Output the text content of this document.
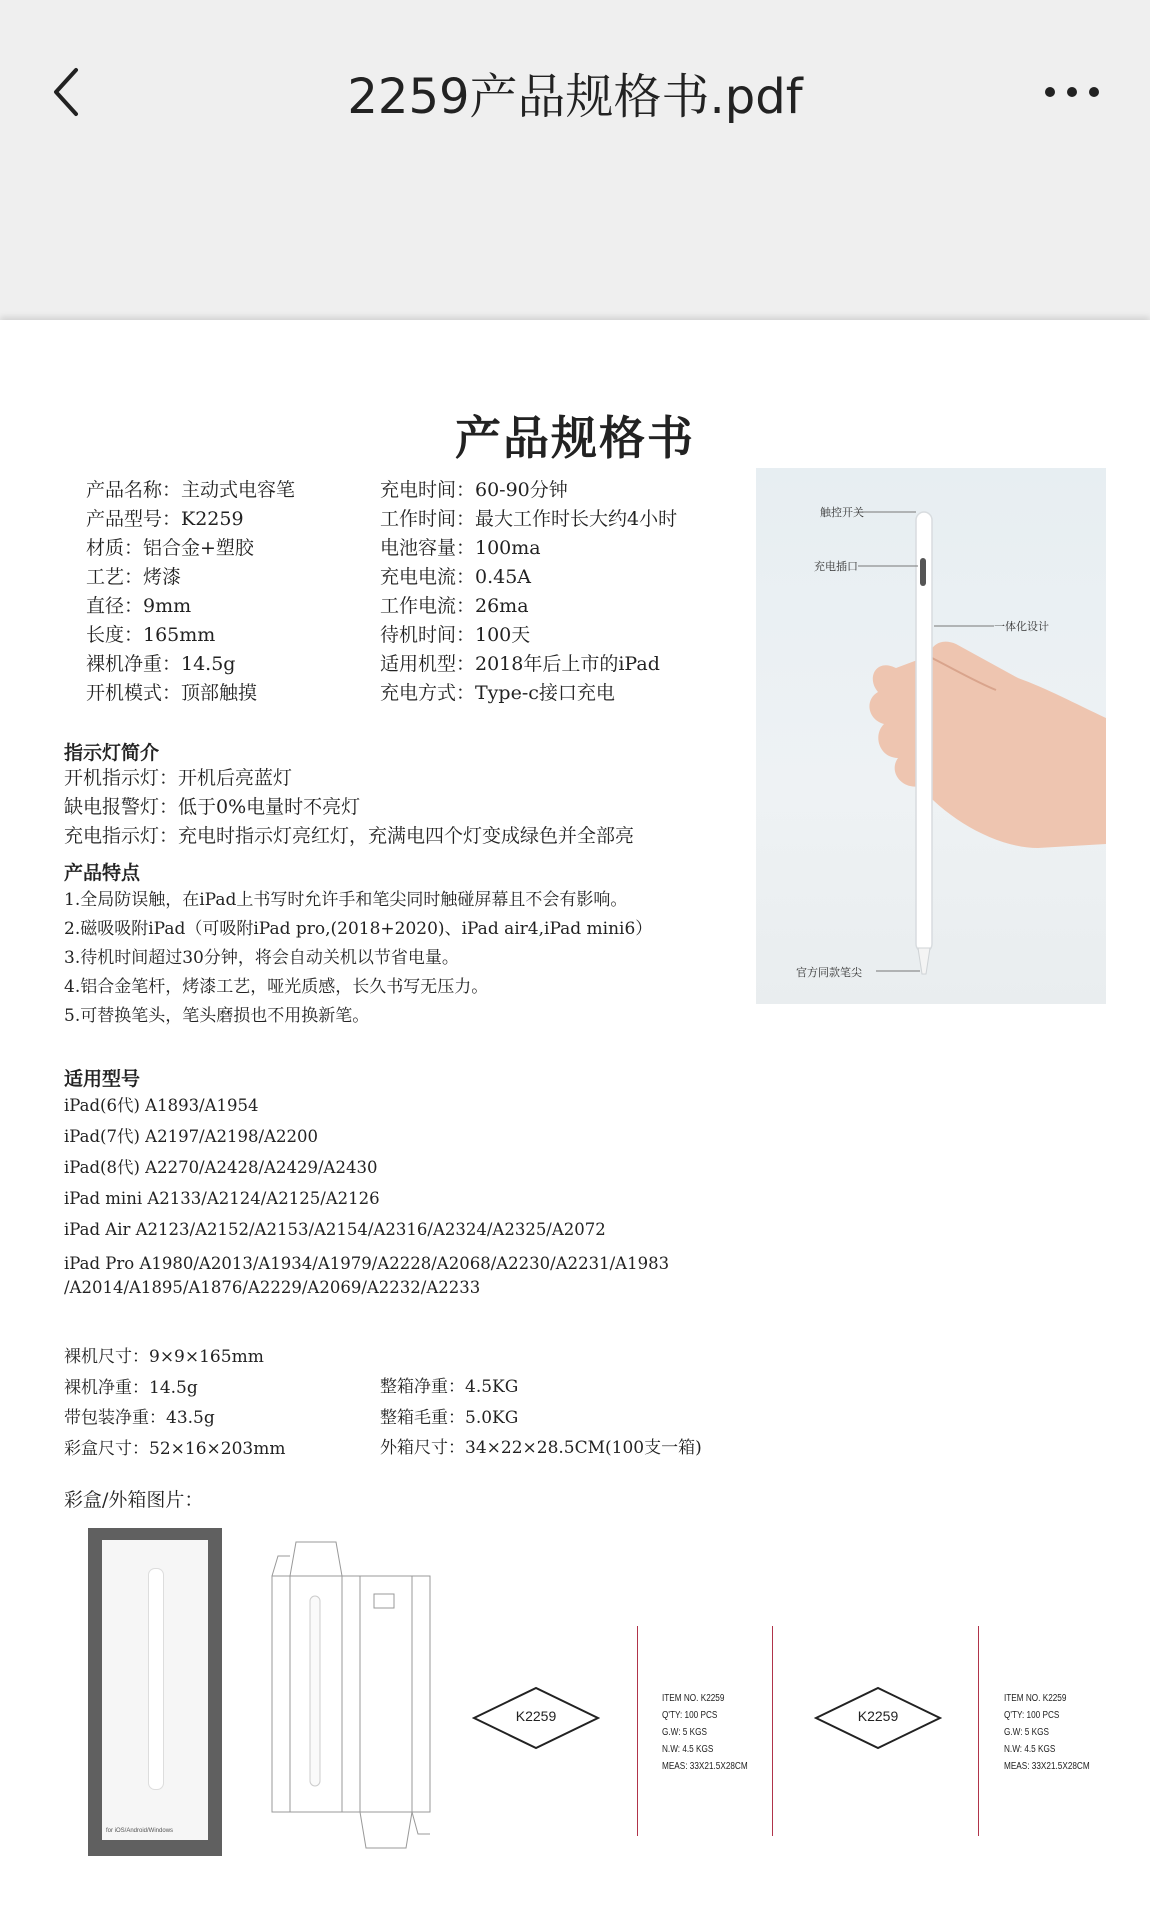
2259产品规格书.pdf
产品规格书
产品名称：主动式电容笔
产品型号：K2259
材质：铝合金+塑胶
工艺：烤漆
直径：9mm
长度：165mm
裸机净重：14.5g
开机模式：顶部触摸
充电时间：60-90分钟
工作时间：最大工作时长大约4小时
电池容量：100ma
充电电流：0.45A
工作电流：26ma
待机时间：100天
适用机型：2018年后上市的iPad
充电方式：Type-c接口充电
触控开关
充电插口
一体化设计
官方同款笔尖
指示灯简介
开机指示灯：开机后亮蓝灯
缺电报警灯：低于0%电量时不亮灯
充电指示灯：充电时指示灯亮红灯，充满电四个灯变成绿色并全部亮
产品特点
1.全局防误触，在iPad上书写时允许手和笔尖同时触碰屏幕且不会有影响。
2.磁吸吸附iPad（可吸附iPad pro,(2018+2020)、iPad air4,iPad mini6）
3.待机时间超过30分钟，将会自动关机以节省电量。
4.铝合金笔杆，烤漆工艺，哑光质感，长久书写无压力。
5.可替换笔头，笔头磨损也不用换新笔。
适用型号
iPad(6代) A1893/A1954
iPad(7代) A2197/A2198/A2200
iPad(8代) A2270/A2428/A2429/A2430
iPad mini A2133/A2124/A2125/A2126
iPad Air A2123/A2152/A2153/A2154/A2316/A2324/A2325/A2072
iPad Pro A1980/A2013/A1934/A1979/A2228/A2068/A2230/A2231/A1983
/A2014/A1895/A1876/A2229/A2069/A2232/A2233
裸机尺寸：9×9×165mm
裸机净重：14.5g
带包装净重：43.5g
彩盒尺寸：52×16×203mm
整箱净重：4.5KG
整箱毛重：5.0KG
外箱尺寸：34×22×28.5CM(100支一箱)
彩盒/外箱图片：
for iOS/Android/Windows
K2259
ITEM NO. K2259
Q'TY: 100 PCS
G.W: 5 KGS
N.W: 4.5 KGS
MEAS: 33X21.5X28CM
K2259
ITEM NO. K2259
Q'TY: 100 PCS
G.W: 5 KGS
N.W: 4.5 KGS
MEAS: 33X21.5X28CM
